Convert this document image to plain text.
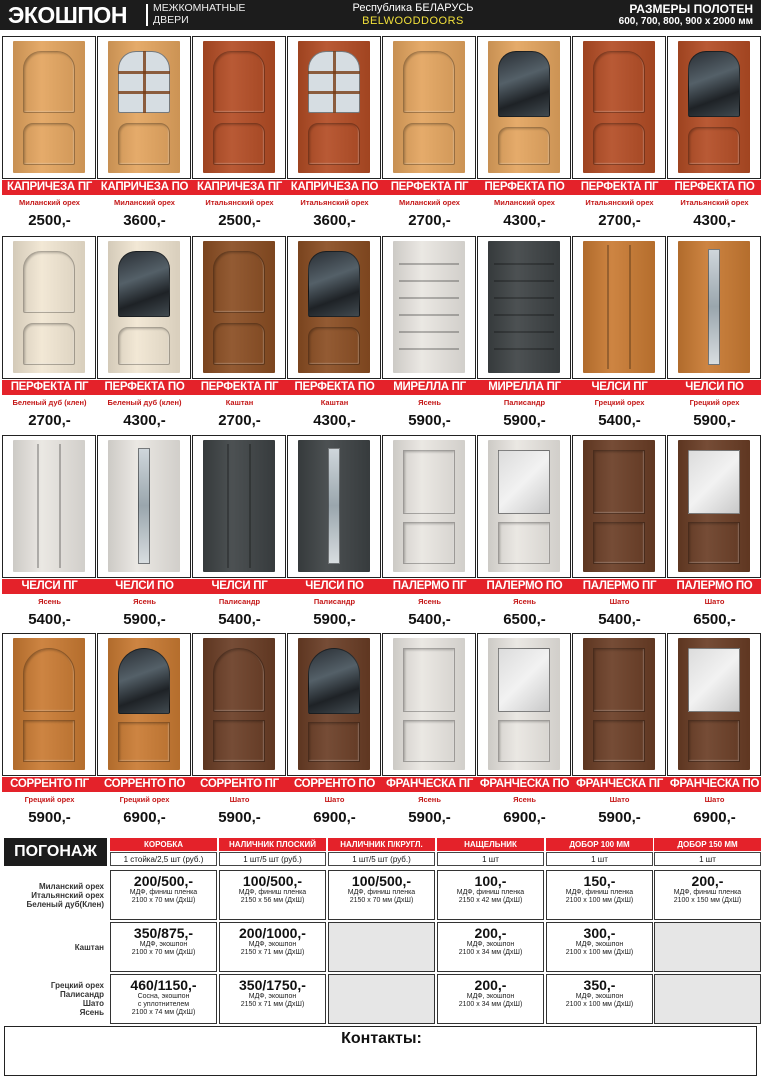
ЭКОШПОН МЕЖКОМНАТНЫЕ
ДВЕРИ
Республика БЕЛАРУСЬ
BELWOODDOORS
РАЗМЕРЫ ПОЛОТЕН
600, 700, 800, 900 x 2000 мм
КАПРИЧЕЗА ПГ
Миланский орех
2500,-
КАПРИЧЕЗА ПО
Миланский орех
3600,-
КАПРИЧЕЗА ПГ
Итальянский орех
2500,-
КАПРИЧЕЗА ПО
Итальянский орех
3600,-
ПЕРФЕКТА ПГ
Миланский орех
2700,-
ПЕРФЕКТА ПО
Миланский орех
4300,-
ПЕРФЕКТА ПГ
Итальянский орех
2700,-
ПЕРФЕКТА ПО
Итальянский орех
4300,-
ПЕРФЕКТА ПГ
Беленый дуб (клен)
2700,-
ПЕРФЕКТА ПО
Беленый дуб (клен)
4300,-
ПЕРФЕКТА ПГ
Каштан
2700,-
ПЕРФЕКТА ПО
Каштан
4300,-
МИРЕЛЛА ПГ
Ясень
5900,-
МИРЕЛЛА ПГ
Палисандр
5900,-
ЧЕЛСИ ПГ
Грецкий орех
5400,-
ЧЕЛСИ ПО
Грецкий орех
5900,-
ЧЕЛСИ ПГ
Ясень
5400,-
ЧЕЛСИ ПО
Ясень
5900,-
ЧЕЛСИ ПГ
Палисандр
5400,-
ЧЕЛСИ ПО
Палисандр
5900,-
ПАЛЕРМО ПГ
Ясень
5400,-
ПАЛЕРМО ПО
Ясень
6500,-
ПАЛЕРМО ПГ
Шато
5400,-
ПАЛЕРМО ПО
Шато
6500,-
СОРРЕНТО ПГ
Грецкий орех
5900,-
СОРРЕНТО ПО
Грецкий орех
6900,-
СОРРЕНТО ПГ
Шато
5900,-
СОРРЕНТО ПО
Шато
6900,-
ФРАНЧЕСКА ПГ
Ясень
5900,-
ФРАНЧЕСКА ПО
Ясень
6900,-
ФРАНЧЕСКА ПГ
Шато
5900,-
ФРАНЧЕСКА ПО
Шато
6900,-
ПОГОНАЖ	КОРОБКА
1 стойка/2,5 шт (руб.)
НАЛИЧНИК ПЛОСКИЙ
1 шт/5 шт (руб.)
НАЛИЧНИК П/КРУГЛ.
1 шт/5 шт (руб.)
НАЩЕЛЬНИК
1 шт
ДОБОР 100 ММ
1 шт
ДОБОР 150 ММ
1 шт
Миланский орех
Итальянский орех
Беленый дуб(Клен)
200/500,-
МДФ, финиш пленка
2100 x 70 мм (ДxШ)
100/500,-
МДФ, финиш пленка
2150 x 56 мм (ДxШ)
100/500,-
МДФ, финиш пленка
2150 x 70 мм (ДxШ)
100,-
МДФ, финиш пленка
2150 x 42 мм (ДxШ)
150,-
МДФ, финиш пленка
2100 x 100 мм (ДxШ)
200,-
МДФ, финиш пленка
2100 x 150 мм (ДxШ)
Каштан
350/875,-
МДФ, экошпон
2100 x 70 мм (ДxШ)
200/1000,-
МДФ, экошпон
2150 x 71 мм (ДxШ)
200,-
МДФ, экошпон
2100 x 34 мм (ДxШ)
300,-
МДФ, экошпон
2100 x 100 мм (ДxШ)
Грецкий орех
Палисандр
Шато
Ясень
460/1150,-
Сосна, экошпон
с уплотнителем
2100 x 74 мм (ДxШ)
350/1750,-
МДФ, экошпон
2150 x 71 мм (ДxШ)
200,-
МДФ, экошпон
2100 x 34 мм (ДxШ)
350,-
МДФ, экошпон
2100 x 100 мм (ДxШ)
Контакты:
